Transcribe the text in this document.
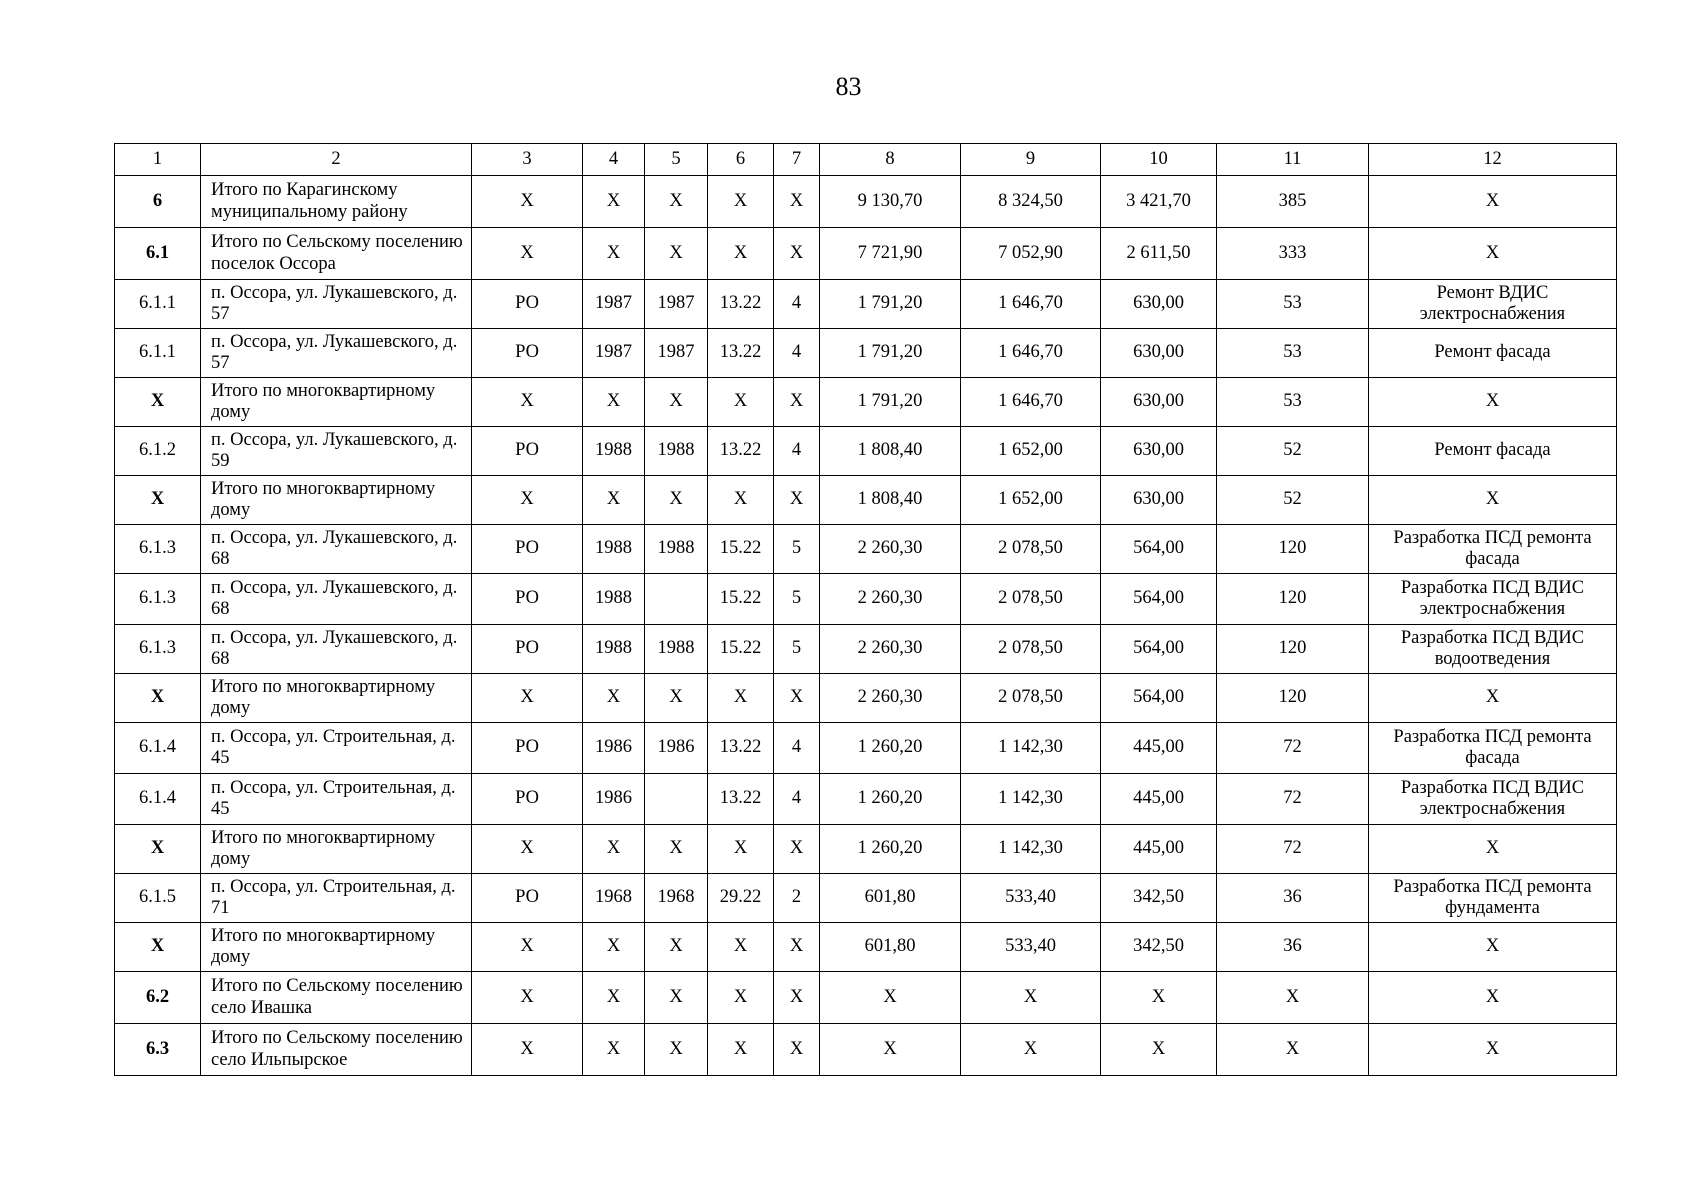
83
1	2	3	4	5	6	7	8	9	10	11	12
6	Итого по Карагинскому муниципальному району	X	X	X	X	X	9 130,70	8 324,50	3 421,70	385	X
6.1	Итого по Сельскому поселению поселок Оссора	X	X	X	X	X	7 721,90	7 052,90	2 611,50	333	X
6.1.1	п. Оссора, ул. Лукашевского, д. 57	РО	1987	1987	13.22	4	1 791,20	1 646,70	630,00	53	Ремонт ВДИС электроснабжения
6.1.1	п. Оссора, ул. Лукашевского, д. 57	РО	1987	1987	13.22	4	1 791,20	1 646,70	630,00	53	Ремонт фасада
X	Итого по многоквартирному дому	X	X	X	X	X	1 791,20	1 646,70	630,00	53	X
6.1.2	п. Оссора, ул. Лукашевского, д. 59	РО	1988	1988	13.22	4	1 808,40	1 652,00	630,00	52	Ремонт фасада
X	Итого по многоквартирному дому	X	X	X	X	X	1 808,40	1 652,00	630,00	52	X
6.1.3	п. Оссора, ул. Лукашевского, д. 68	РО	1988	1988	15.22	5	2 260,30	2 078,50	564,00	120	Разработка ПСД ремонта фасада
6.1.3	п. Оссора, ул. Лукашевского, д. 68	РО	1988		15.22	5	2 260,30	2 078,50	564,00	120	Разработка ПСД ВДИС электроснабжения
6.1.3	п. Оссора, ул. Лукашевского, д. 68	РО	1988	1988	15.22	5	2 260,30	2 078,50	564,00	120	Разработка ПСД ВДИС водоотведения
X	Итого по многоквартирному дому	X	X	X	X	X	2 260,30	2 078,50	564,00	120	X
6.1.4	п. Оссора, ул. Строительная, д. 45	РО	1986	1986	13.22	4	1 260,20	1 142,30	445,00	72	Разработка ПСД ремонта фасада
6.1.4	п. Оссора, ул. Строительная, д. 45	РО	1986		13.22	4	1 260,20	1 142,30	445,00	72	Разработка ПСД ВДИС электроснабжения
X	Итого по многоквартирному дому	X	X	X	X	X	1 260,20	1 142,30	445,00	72	X
6.1.5	п. Оссора, ул. Строительная, д. 71	РО	1968	1968	29.22	2	601,80	533,40	342,50	36	Разработка ПСД ремонта фундамента
X	Итого по многоквартирному дому	X	X	X	X	X	601,80	533,40	342,50	36	X
6.2	Итого по Сельскому поселению село Ивашка	X	X	X	X	X	X	X	X	X	X
6.3	Итого по Сельскому поселению село Ильпырское	X	X	X	X	X	X	X	X	X	X
